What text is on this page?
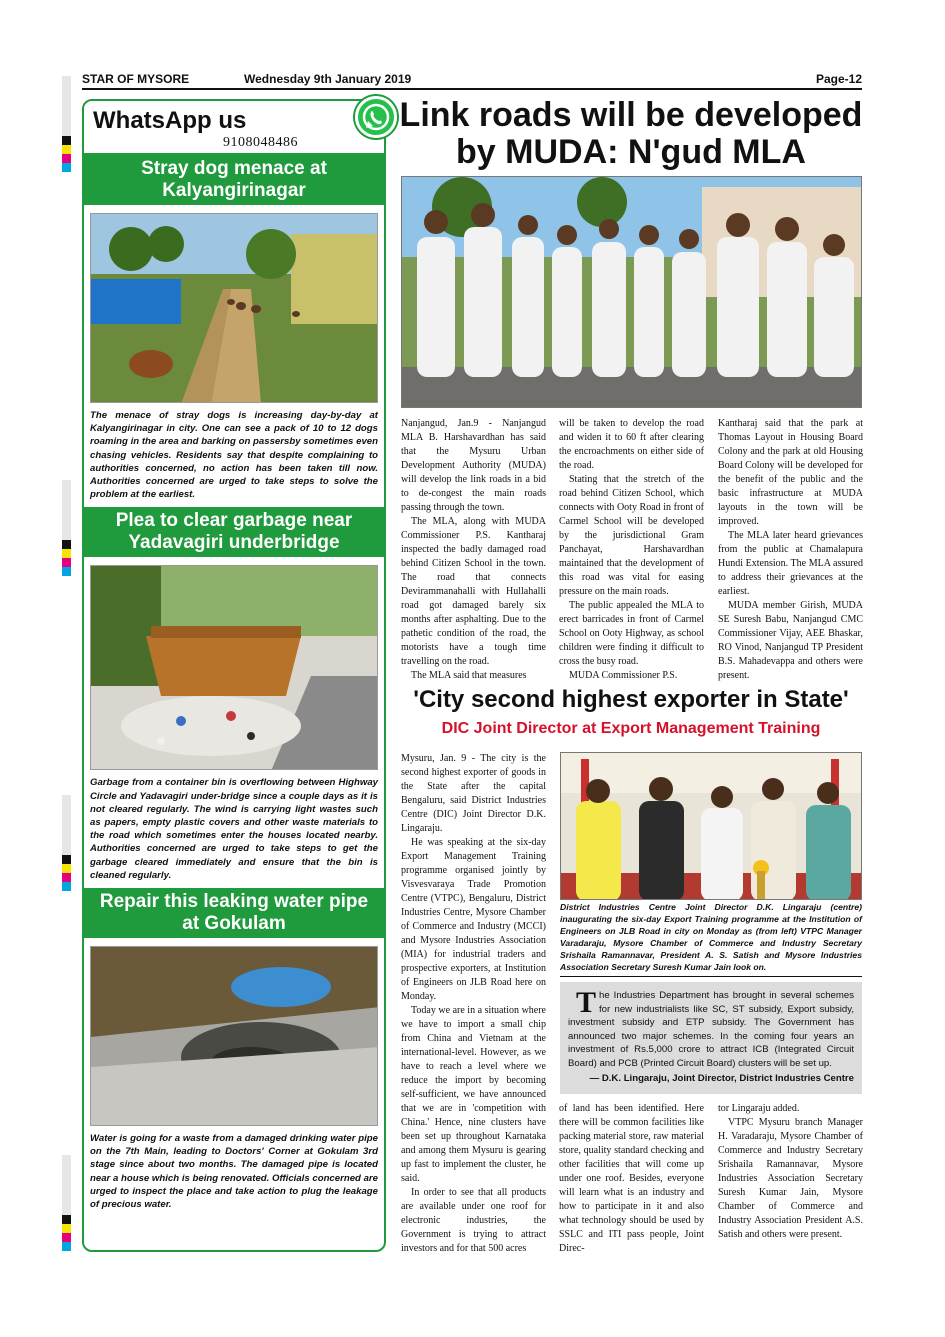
STAR OF MYSORE	Wednesday 9th January 2019	Page-12
WhatsApp us
9108048486
Stray dog menace at Kalyangirinagar
The menace of stray dogs is increasing day-by-day at Kalyangirinagar in city. One can see a pack of 10 to 12 dogs roaming in the area and barking on passersby sometimes even chasing vehicles. Residents say that despite complaining to authorities concerned, no action has been taken till now. Authorities concerned are urged to take steps to solve the problem at the earliest.
Plea to clear garbage near Yadavagiri underbridge
Garbage from a container bin is overflowing between Highway Circle and Yadavagiri under-bridge since a couple days as it is not cleared regularly. The wind is carrying light wastes such as papers, empty plastic covers and other waste materials to the road which sometimes enter the houses located nearby. Authorities concerned are urged to take steps to get the garbage cleared immediately and ensure that the bin is cleaned regularly.
Repair this leaking water pipe at Gokulam
Water is going for a waste from a damaged drinking water pipe on the 7th Main, leading to Doctors' Corner at Gokulam 3rd stage since about two months. The damaged pipe is located near a house which is being renovated. Officials concerned are urged to inspect the place and take action to plug the leakage of precious water.
Link roads will be developed by MUDA: N'gud MLA

Nanjangud, Jan.9 - Nanjangud MLA B. Harshavardhan has said that the Mysuru Urban Development Authority (MUDA) will develop the link roads in a bid to de-congest the main roads passing through the town.

The MLA, along with MUDA Commissioner P.S. Kantharaj inspected the badly damaged road behind Citizen School in the town. The road that connects Devirammanahalli with Hullahalli road got damaged barely six months after asphalting. Due to the pathetic condition of the road, the motorists have a tough time travelling on the road.

The MLA said that measures

will be taken to develop the road and widen it to 60 ft after clearing the encroachments on either side of the road.

Stating that the stretch of the road behind Citizen School, which connects with Ooty Road in front of Carmel School will be developed by the jurisdictional Gram Panchayat, Harshavardhan maintained that the development of this road was vital for easing pressure on the main roads.

The public appealed the MLA to erect barricades in front of Carmel School on Ooty Highway, as school children were finding it difficult to cross the busy road.

MUDA Commissioner P.S.

Kantharaj said that the park at Thomas Layout in Housing Board Colony and the park at old Housing Board Colony will be developed for the benefit of the public and the basic infrastructure at MUDA layouts in the town will be improved.

The MLA later heard grievances from the public at Chamalapura Hundi Extension. The MLA assured to address their grievances at the earliest.

MUDA member Girish, MUDA SE Suresh Babu, Nanjangud CMC Commissioner Vijay, AEE Bhaskar, RO Vinod, Nanjangud TP President B.S. Mahadevappa and others were present.

'City second highest exporter in State'
DIC Joint Director at Export Management Training

Mysuru, Jan. 9 - The city is the second highest exporter of goods in the State after the capital Bengaluru, said District Industries Centre (DIC) Joint Director D.K. Lingaraju.

He was speaking at the six-day Export Management Training programme organised jointly by Visvesvaraya Trade Promotion Centre (VTPC), Bengaluru, District Industries Centre, Mysore Chamber of Commerce and Industry (MCCI) and Mysore Industries Association (MIA) for industrial traders and prospective exporters, at Institution of Engineers on JLB Road here on Monday.

Today we are in a situation where we have to import a small chip from China and Vietnam at the international-level. However, as we have to reach a level where we reduce the import by becoming self-sufficient, we have announced that we are in 'competition with China.' Hence, nine clusters have been set up throughout Karnataka and among them Mysuru is gearing up fast to implement the cluster, he said.

In order to see that all products are available under one roof for electronic industries, the Government is trying to attract investors and for that 500 acres

District Industries Centre Joint Director D.K. Lingaraju (centre) inaugurating the six-day Export Training programme at the Institution of Engineers on JLB Road in city on Monday as (from left) VTPC Manager Varadaraju, Mysore Chamber of Commerce and Industry Secretary Srishaila Ramannavar, President A. S. Satish and Mysore Industries Association Secretary Suresh Kumar Jain look on.
T he Industries Department has brought in several schemes for new industrialists like SC, ST subsidy, Export subsidy, investment subsidy and ETP subsidy. The Government has announced two major schemes. In the coming four years an investment of Rs.5,000 crore to attract ICB (Integrated Circuit Board) and PCB (Printed Circuit Board) clusters will be set up.
— D.K. Lingaraju, Joint Director, District Industries Centre

of land has been identified. Here there will be common facilities like packing material store, raw material store, quality standard checking and other facilities that will come up under one roof. Besides, everyone will learn what is an industry and how to participate in it and also what technology should be used by SSLC and ITI pass people, Joint Direc-

tor Lingaraju added.

VTPC Mysuru branch Manager H. Varadaraju, Mysore Chamber of Commerce and Industry Secretary Srishaila Ramannavar, Mysore Industries Association Secretary Suresh Kumar Jain, Mysore Chamber of Commerce and Industry Association President A.S. Satish and others were present.
